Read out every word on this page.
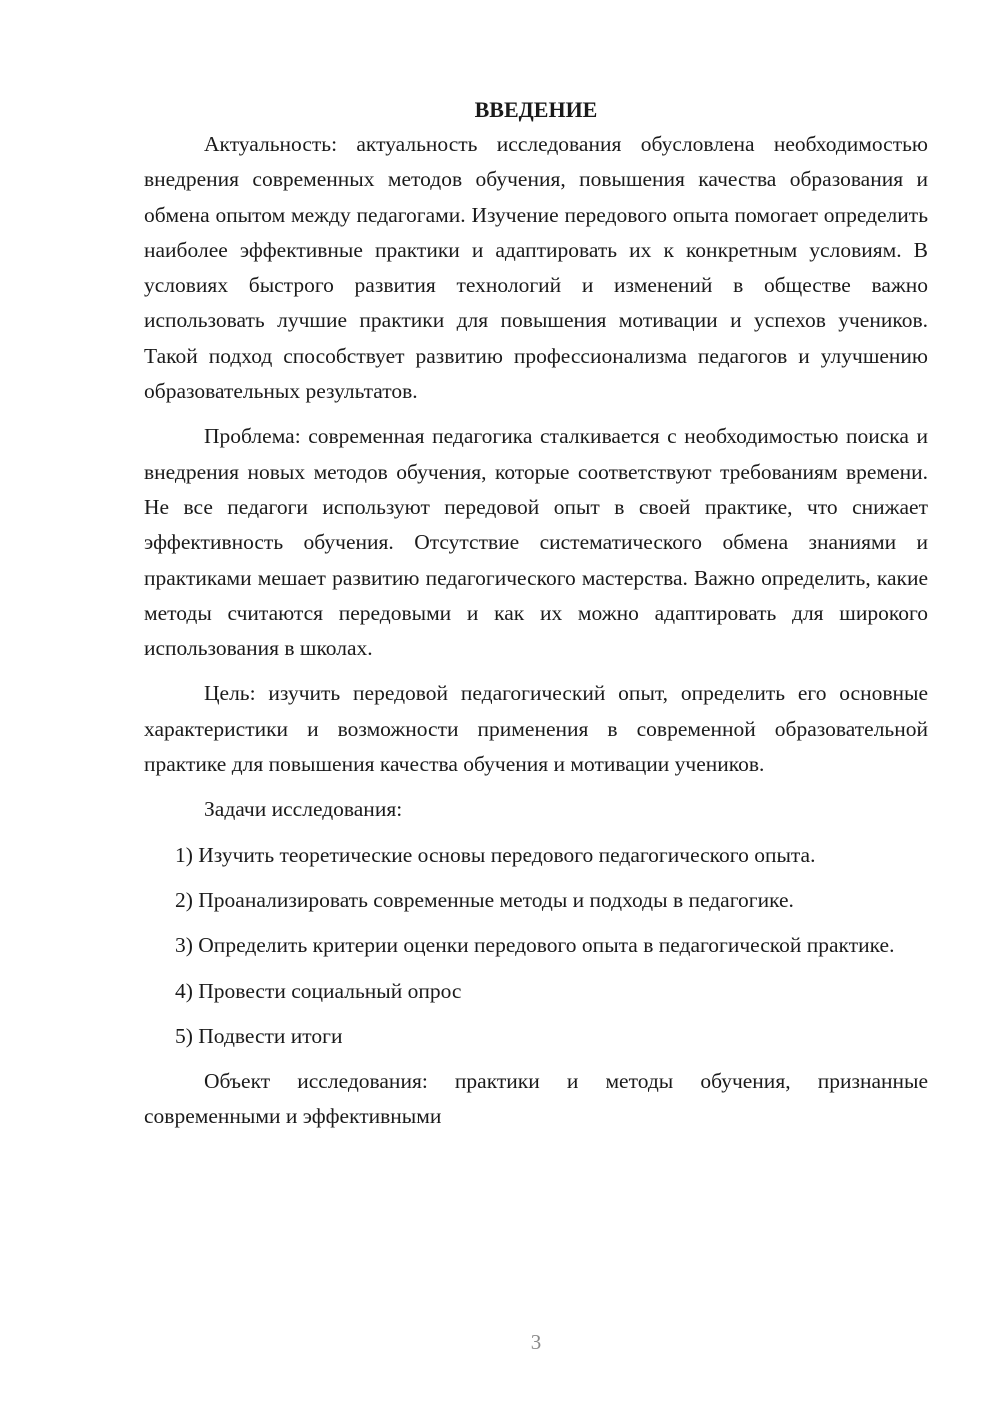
ВВЕДЕНИЕ

Актуальность: актуальность исследования обусловлена необходимостью внедрения современных методов обучения, повышения качества образования и обмена опытом между педагогами. Изучение передового опыта помогает определить наиболее эффективные практики и адаптировать их к конкретным условиям. В условиях быстрого развития технологий и изменений в обществе важно использовать лучшие практики для повышения мотивации и успехов учеников. Такой подход способствует развитию профессионализма педагогов и улучшению образовательных результатов.

Проблема: современная педагогика сталкивается с необходимостью поиска и внедрения новых методов обучения, которые соответствуют требованиям времени. Не все педагоги используют передовой опыт в своей практике, что снижает эффективность обучения. Отсутствие систематического обмена знаниями и практиками мешает развитию педагогического мастерства. Важно определить, какие методы считаются передовыми и как их можно адаптировать для широкого использования в школах.

Цель: изучить передовой педагогический опыт, определить его основные характеристики и возможности применения в современной образовательной практике для повышения качества обучения и мотивации учеников.

Задачи исследования:

1) Изучить теоретические основы передового педагогического опыта.

2) Проанализировать современные методы и подходы в педагогике.

3) Определить критерии оценки передового опыта в педагогической практике.

4) Провести социальный опрос

5) Подвести итоги

Объект исследования: практики и методы обучения, признанные современными и эффективными

3
